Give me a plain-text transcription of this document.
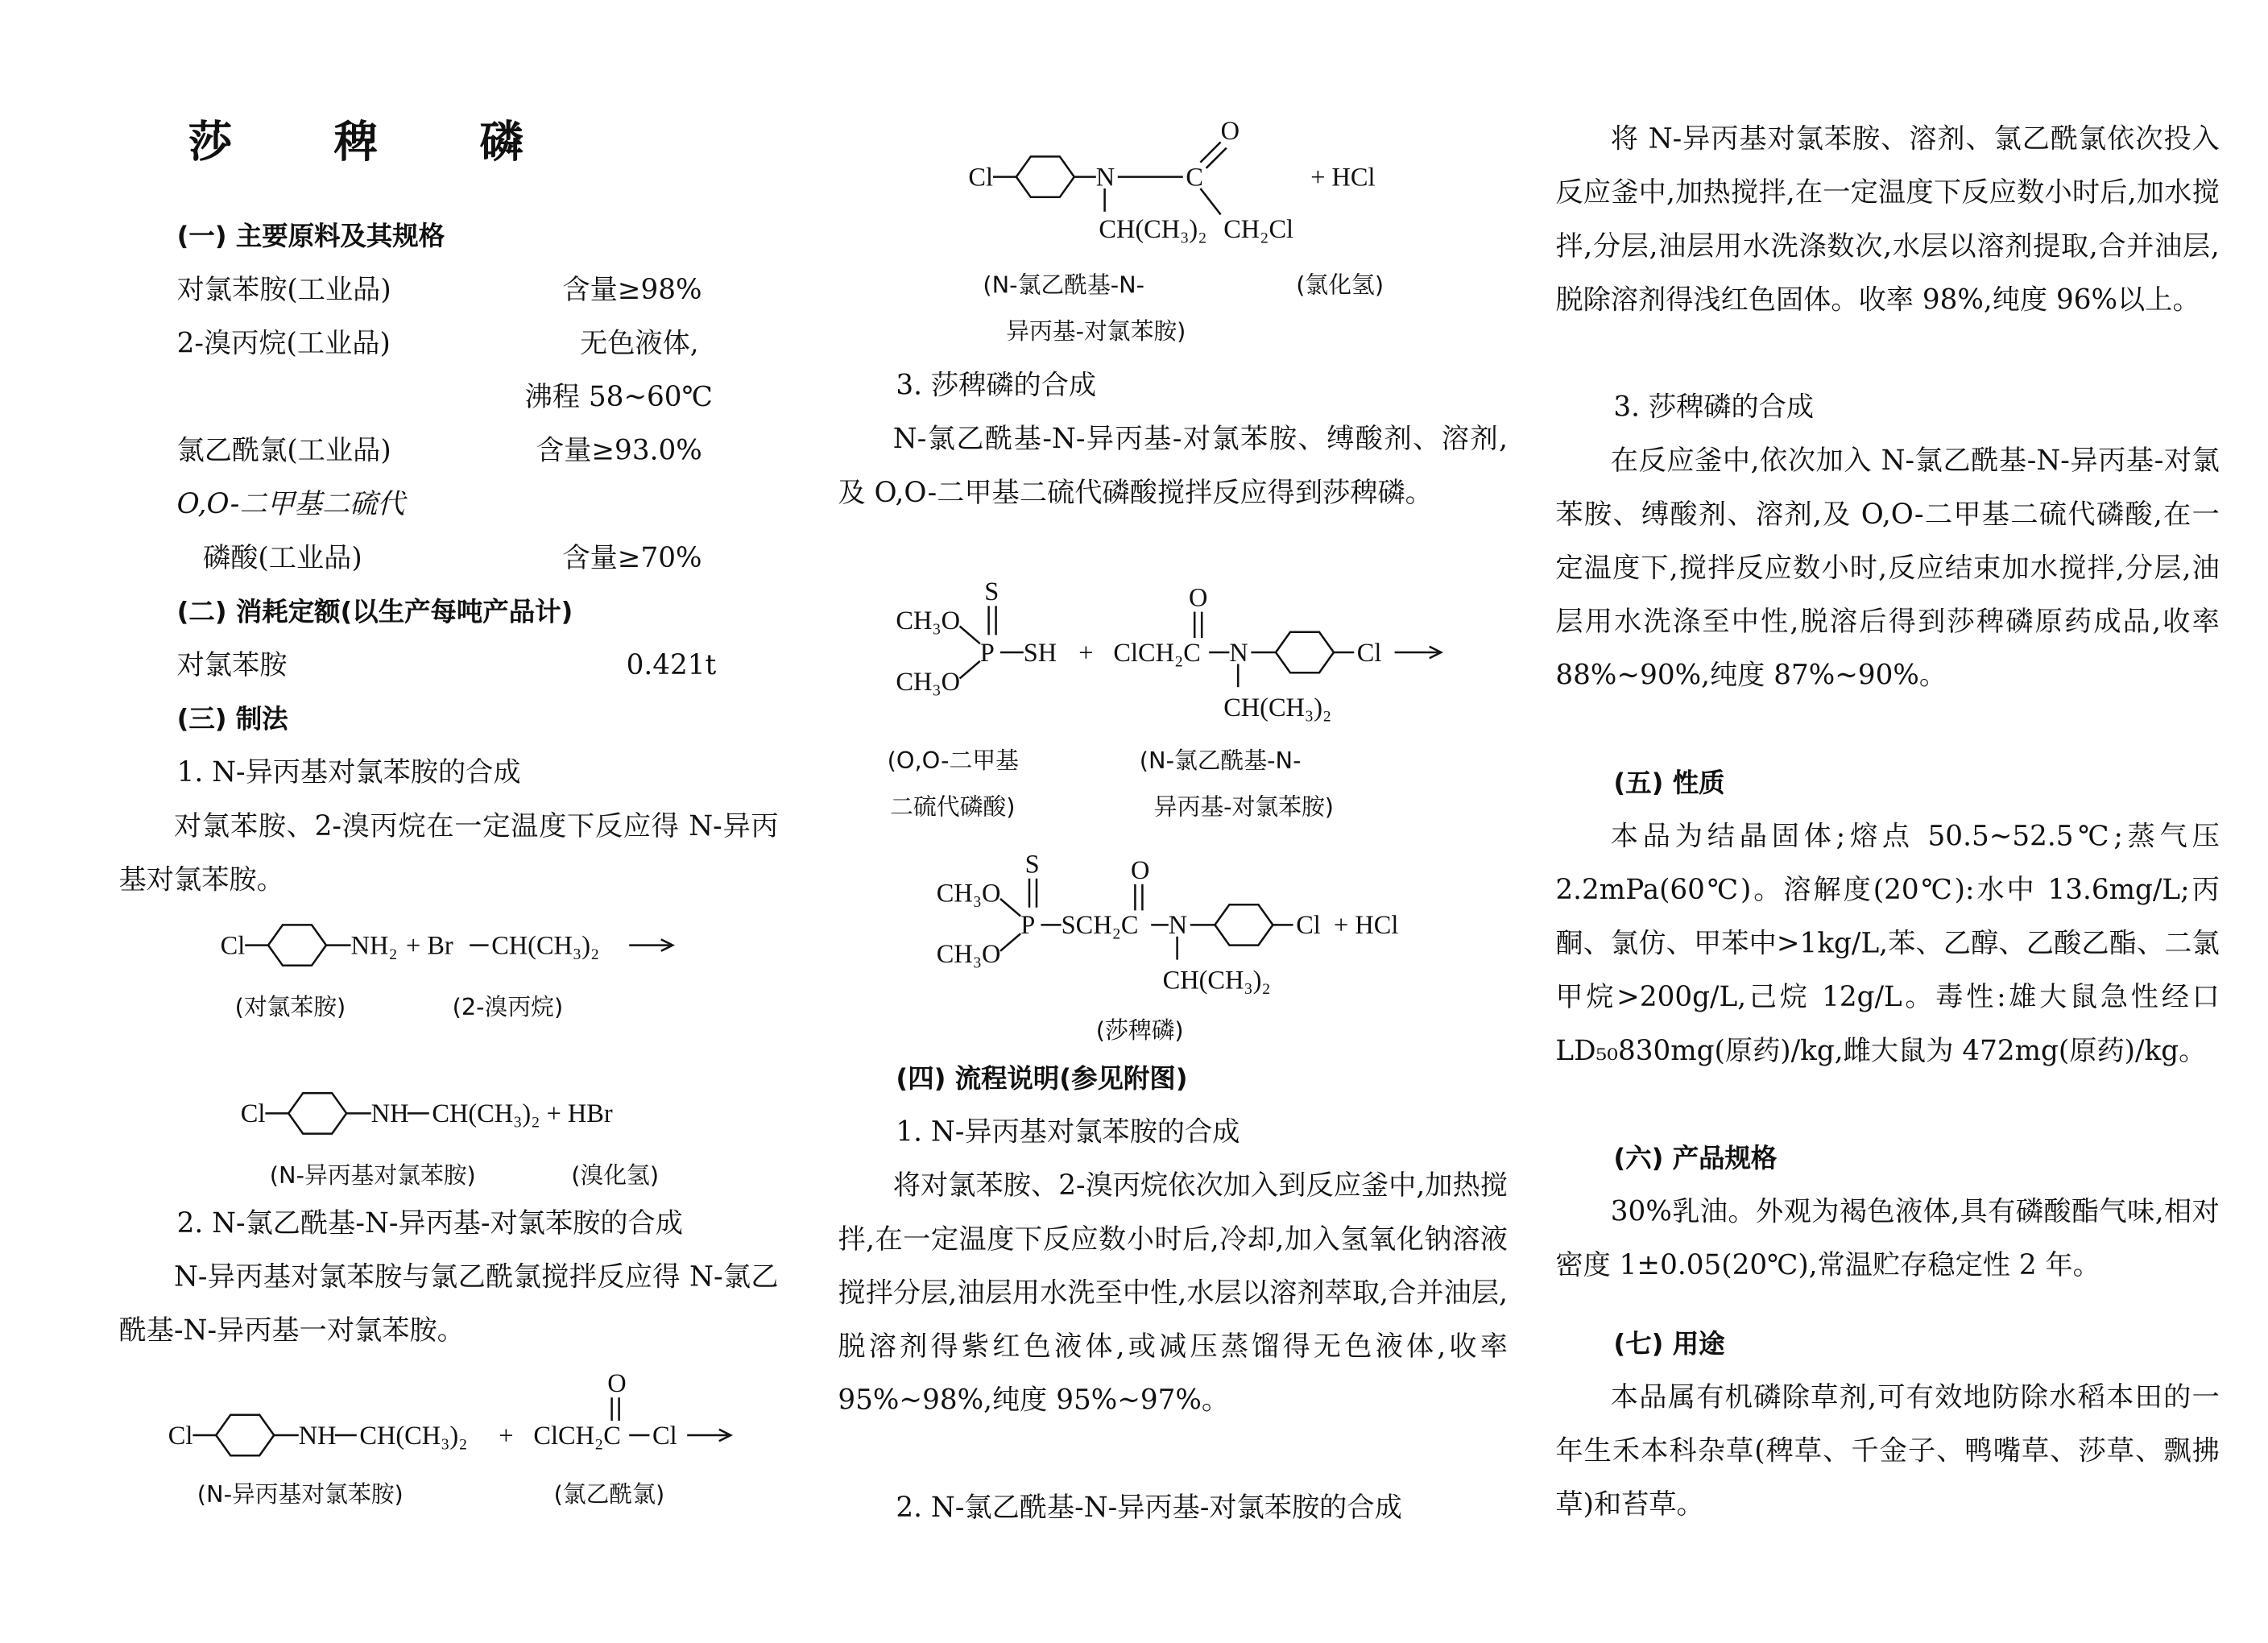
莎 稗 磷
(一) 主要原料及其规格
对氯苯胺(工业品)	含量≥98%
2-溴丙烷(工业品)	无色液体,
沸程 58~60℃
氯乙酰氯(工业品)	含量≥93.0%
O,O-二甲基二硫代
磷酸(工业品)	含量≥70%
(二) 消耗定额(以生产每吨产品计)
对氯苯胺	0.421t
(三) 制法
1. N-异丙基对氯苯胺的合成
对氯苯胺、2-溴丙烷在一定温度下反应得 N-异丙基对氯苯胺。
Cl	NH₂ + Br	CH(CH₃)₂
(对氯苯胺)	(2-溴丙烷)
Cl	NH CH(CH₃)₂ + HBr
(N-异丙基对氯苯胺)	(溴化氢)
2. N-氯乙酰基-N-异丙基-对氯苯胺的合成
N-异丙基对氯苯胺与氯乙酰氯搅拌反应得 N-氯乙酰基-N-异丙基一对氯苯胺。
Cl	NH CH(CH₃)₂ + ClCH₂C
O
Cl
(N-异丙基对氯苯胺)	(氯乙酰氯)
Cl	N	C
O
CH(CH₃)₂ CH₂Cl
+ HCl
(N-氯乙酰基-N-
异丙基-对氯苯胺)
(氯化氢)
3. 莎稗磷的合成
N-氯乙酰基-N-异丙基-对氯苯胺、缚酸剂、溶剂,及 O,O-二甲基二硫代磷酸搅拌反应得到莎稗磷。
CH₃O
CH₃O
P
S
SH + ClCH₂C
O
N
CH(CH₃)₂
Cl
(O,O-二甲基
二硫代磷酸)
(N-氯乙酰基-N-
异丙基-对氯苯胺)
CH₃O
CH₃O
P
S
SCH₂C
O
N
CH(CH₃)₂
Cl + HCl
(莎稗磷)
(四) 流程说明(参见附图)
1. N-异丙基对氯苯胺的合成
将对氯苯胺、2-溴丙烷依次加入到反应釜中,加热搅拌,在一定温度下反应数小时后,冷却,加入氢氧化钠溶液搅拌分层,油层用水洗至中性,水层以溶剂萃取,合并油层,脱溶剂得紫红色液体,或减压蒸馏得无色液体,收率 95%~98%,纯度 95%~97%。
2. N-氯乙酰基-N-异丙基-对氯苯胺的合成
将 N-异丙基对氯苯胺、溶剂、氯乙酰氯依次投入反应釜中,加热搅拌,在一定温度下反应数小时后,加水搅拌,分层,油层用水洗涤数次,水层以溶剂提取,合并油层,脱除溶剂得浅红色固体。收率 98%,纯度 96%以上。
3. 莎稗磷的合成
在反应釜中,依次加入 N-氯乙酰基-N-异丙基-对氯苯胺、缚酸剂、溶剂,及 O,O-二甲基二硫代磷酸,在一定温度下,搅拌反应数小时,反应结束加水搅拌,分层,油层用水洗涤至中性,脱溶后得到莎稗磷原药成品,收率 88%~90%,纯度 87%~90%。
(五) 性质
本品为结晶固体;熔点 50.5~52.5℃;蒸气压 2.2mPa(60℃)。溶解度(20℃):水中 13.6mg/L;丙酮、氯仿、甲苯中>1kg/L,苯、乙醇、乙酸乙酯、二氯甲烷>200g/L,己烷 12g/L。毒性:雄大鼠急性经口 LD₅₀830mg(原药)/kg,雌大鼠为 472mg(原药)/kg。
(六) 产品规格
30%乳油。外观为褐色液体,具有磷酸酯气味,相对密度 1±0.05(20℃),常温贮存稳定性 2 年。
(七) 用途
本品属有机磷除草剂,可有效地防除水稻本田的一年生禾本科杂草(稗草、千金子、鸭嘴草、莎草、飘拂草)和苔草。
